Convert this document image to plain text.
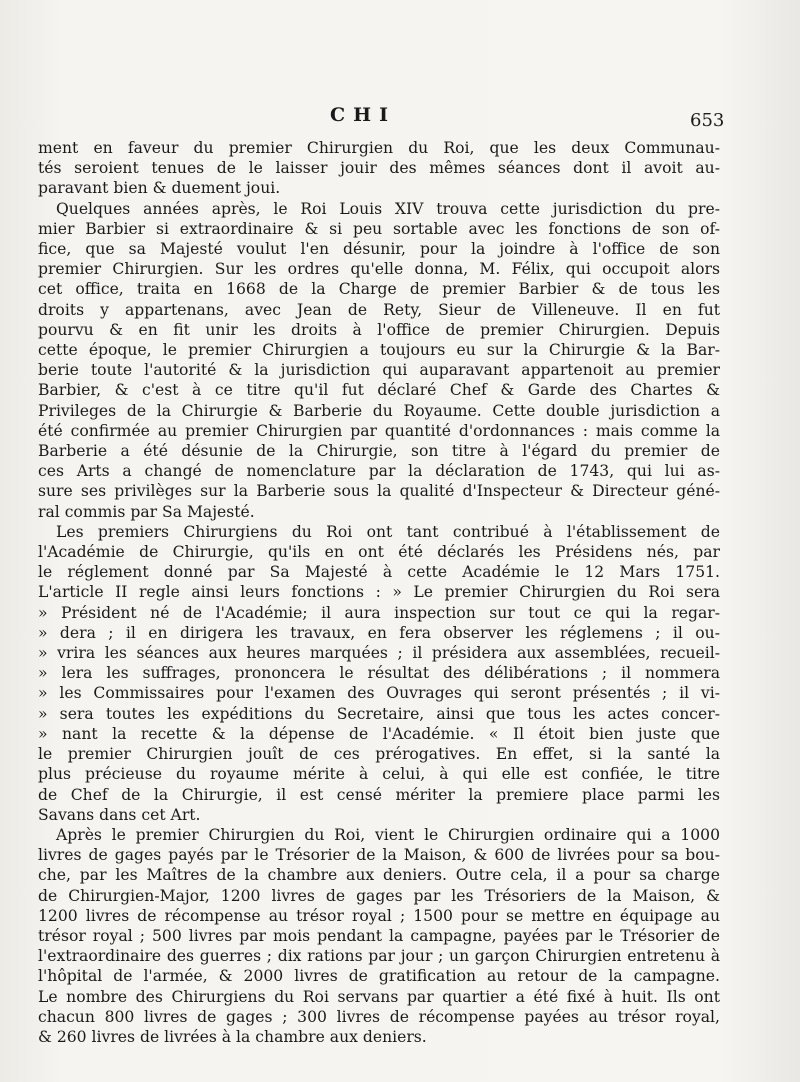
CHI	653

ment en faveur du premier Chirurgien du Roi, que les deux Communau-
tés seroient tenues de le laisser jouir des mêmes séances dont il avoit au-
paravant bien & duement joui.

Quelques années après, le Roi Louis XIV trouva cette jurisdiction du pre-
mier Barbier si extraordinaire & si peu sortable avec les fonctions de son of-
fice, que sa Majesté voulut l'en désunir, pour la joindre à l'office de son
premier Chirurgien. Sur les ordres qu'elle donna, M. Félix, qui occupoit alors
cet office, traita en 1668 de la Charge de premier Barbier & de tous les
droits y appartenans, avec Jean de Rety, Sieur de Villeneuve. Il en fut
pourvu & en fit unir les droits à l'office de premier Chirurgien. Depuis
cette époque, le premier Chirurgien a toujours eu sur la Chirurgie & la Bar-
berie toute l'autorité & la jurisdiction qui auparavant appartenoit au premier
Barbier, & c'est à ce titre qu'il fut déclaré Chef & Garde des Chartes &
Privileges de la Chirurgie & Barberie du Royaume. Cette double jurisdiction a
été confirmée au premier Chirurgien par quantité d'ordonnances : mais comme la
Barberie a été désunie de la Chirurgie, son titre à l'égard du premier de
ces Arts a changé de nomenclature par la déclaration de 1743, qui lui as-
sure ses privilèges sur la Barberie sous la qualité d'Inspecteur & Directeur géné-
ral commis par Sa Majesté.

Les premiers Chirurgiens du Roi ont tant contribué à l'établissement de
l'Académie de Chirurgie, qu'ils en ont été déclarés les Présidens nés, par
le réglement donné par Sa Majesté à cette Académie le 12 Mars 1751.
L'article II regle ainsi leurs fonctions : » Le premier Chirurgien du Roi sera
» Président né de l'Académie; il aura inspection sur tout ce qui la regar-
» dera ; il en dirigera les travaux, en fera observer les réglemens ; il ou-
» vrira les séances aux heures marquées ; il présidera aux assemblées, recueil-
» lera les suffrages, prononcera le résultat des délibérations ; il nommera
» les Commissaires pour l'examen des Ouvrages qui seront présentés ; il vi-
» sera toutes les expéditions du Secretaire, ainsi que tous les actes concer-
» nant la recette & la dépense de l'Académie. « Il étoit bien juste que
le premier Chirurgien jouît de ces prérogatives. En effet, si la santé la
plus précieuse du royaume mérite à celui, à qui elle est confiée, le titre
de Chef de la Chirurgie, il est censé mériter la premiere place parmi les
Savans dans cet Art.

Après le premier Chirurgien du Roi, vient le Chirurgien ordinaire qui a 1000
livres de gages payés par le Trésorier de la Maison, & 600 de livrées pour sa bou-
che, par les Maîtres de la chambre aux deniers. Outre cela, il a pour sa charge
de Chirurgien-Major, 1200 livres de gages par les Trésoriers de la Maison, &
1200 livres de récompense au trésor royal ; 1500 pour se mettre en équipage au
trésor royal ; 500 livres par mois pendant la campagne, payées par le Trésorier de
l'extraordinaire des guerres ; dix rations par jour ; un garçon Chirurgien entretenu à
l'hôpital de l'armée, & 2000 livres de gratification au retour de la campagne.

Le nombre des Chirurgiens du Roi servans par quartier a été fixé à huit. Ils ont
chacun 800 livres de gages ; 300 livres de récompense payées au trésor royal,
& 260 livres de livrées à la chambre aux deniers.
